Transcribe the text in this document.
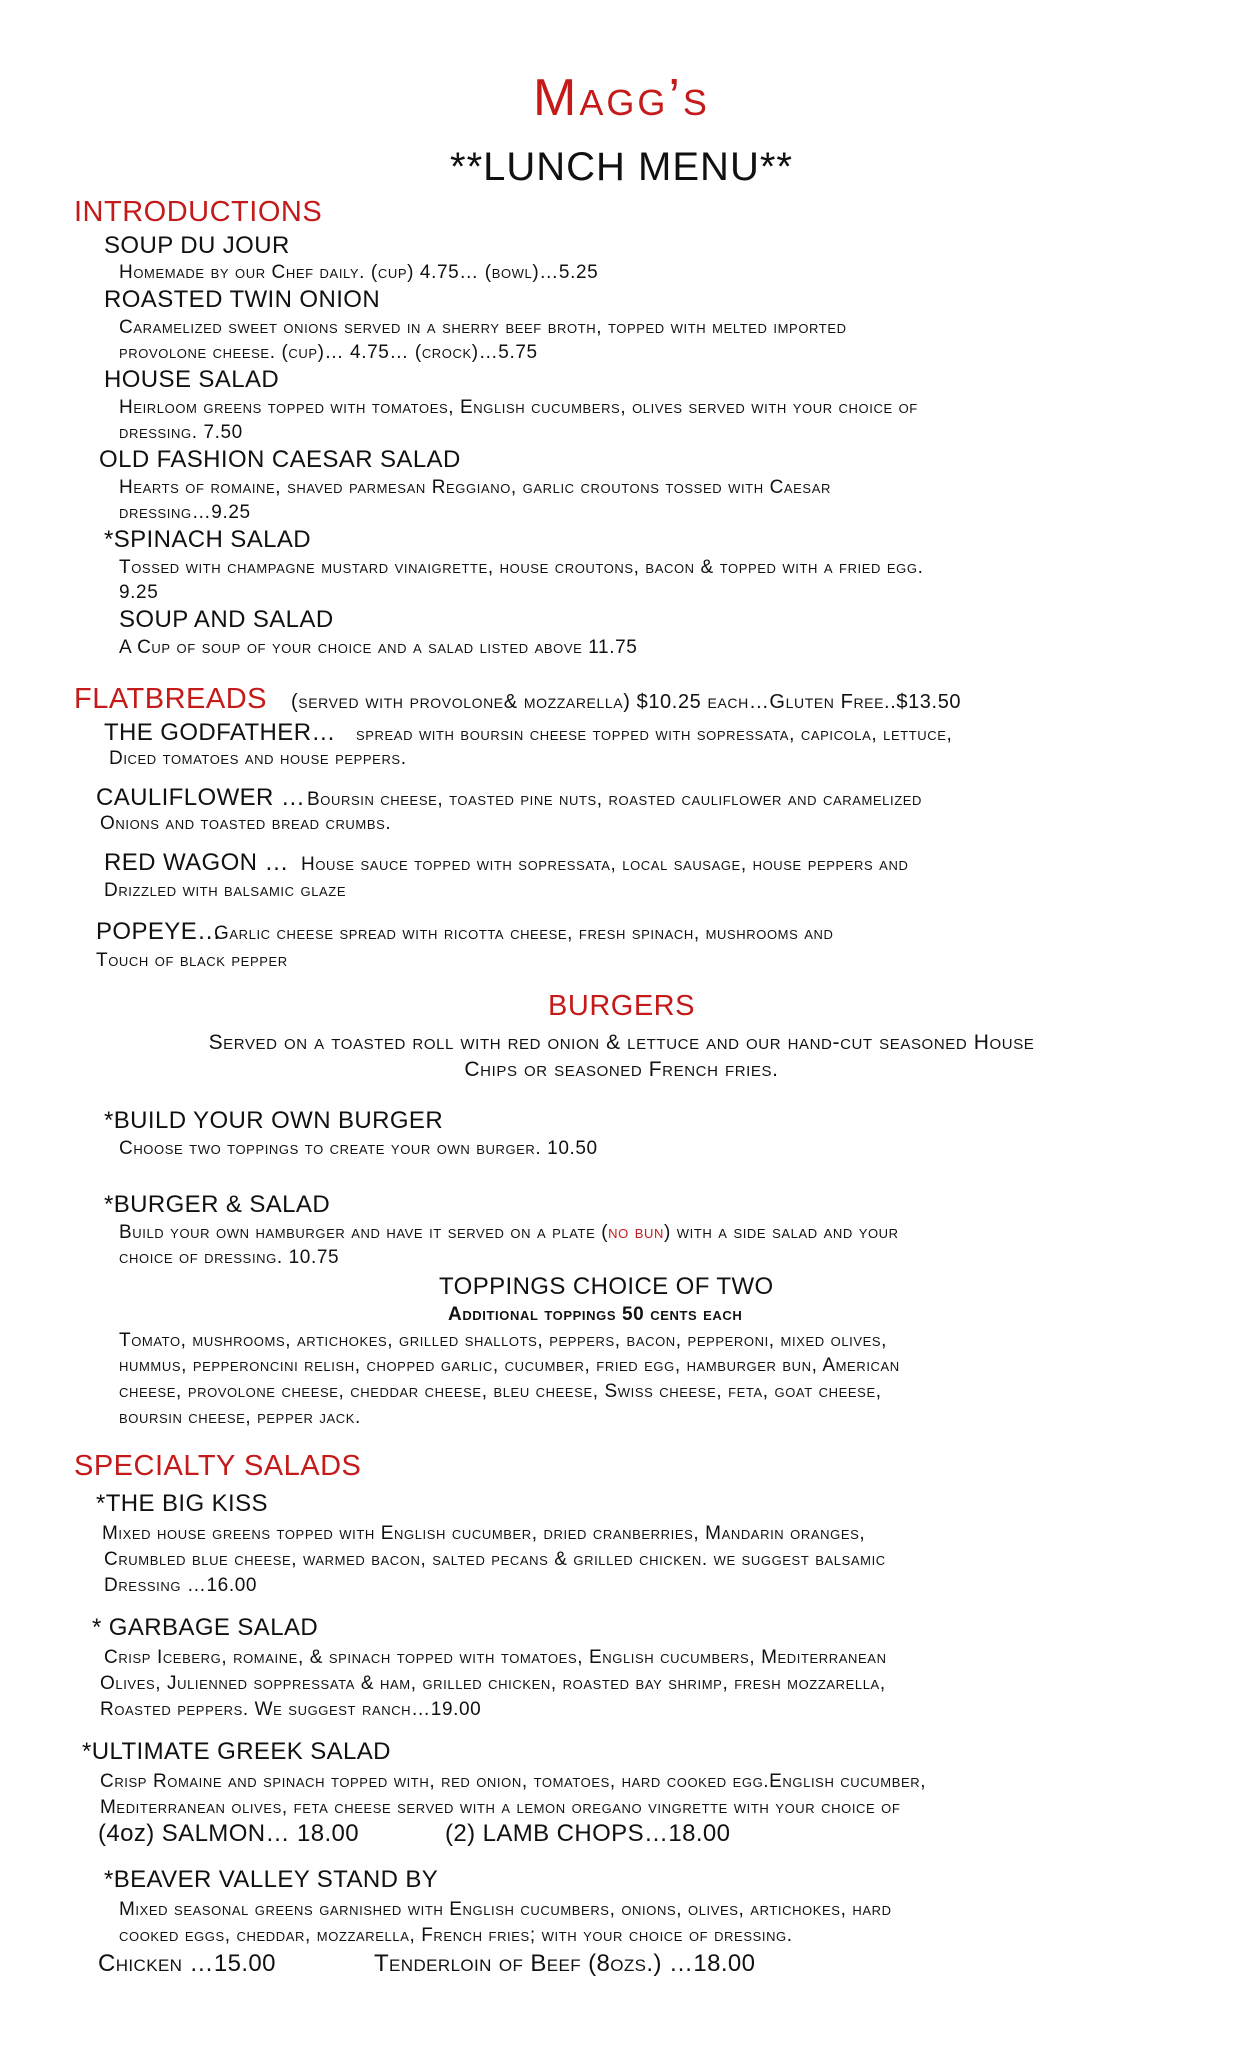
Magg’s
**LUNCH MENU**
INTRODUCTIONS
SOUP DU JOUR
Homemade by our Chef daily. (cup) 4.75… (bowl)…5.25
ROASTED TWIN ONION
Caramelized sweet onions served in a sherry beef broth, topped with melted imported
provolone cheese. (cup)… 4.75… (crock)…5.75
HOUSE SALAD
Heirloom greens topped with tomatoes, English cucumbers, olives served with your choice of
dressing. 7.50
OLD FASHION CAESAR SALAD
Hearts of romaine, shaved parmesan Reggiano, garlic croutons tossed with Caesar
dressing…9.25
*SPINACH SALAD
Tossed with champagne mustard vinaigrette, house croutons, bacon & topped with a fried egg.
9.25
SOUP AND SALAD
A Cup of soup of your choice and a salad listed above 11.75
FLATBREADS (served with provolone& mozzarella) $10.25 each…Gluten Free..$13.50
THE GODFATHER… spread with boursin cheese topped with sopressata, capicola, lettuce,
Diced tomatoes and house peppers.
CAULIFLOWER … Boursin cheese, toasted pine nuts, roasted cauliflower and caramelized
Onions and toasted bread crumbs.
RED WAGON … House sauce topped with sopressata, local sausage, house peppers and
Drizzled with balsamic glaze
POPEYE…
Garlic cheese spread with ricotta cheese, fresh spinach, mushrooms and
Touch of black pepper
BURGERS
Served on a toasted roll with red onion & lettuce and our hand-cut seasoned House
Chips or seasoned French fries.
*BUILD YOUR OWN BURGER
Choose two toppings to create your own burger. 10.50
*BURGER & SALAD
Build your own hamburger and have it served on a plate (no bun) with a side salad and your
choice of dressing. 10.75
TOPPINGS CHOICE OF TWO
Additional toppings 50 cents each
Tomato, mushrooms, artichokes, grilled shallots, peppers, bacon, pepperoni, mixed olives,
hummus, pepperoncini relish, chopped garlic, cucumber, fried egg, hamburger bun, American
cheese, provolone cheese, cheddar cheese, bleu cheese, Swiss cheese, feta, goat cheese,
boursin cheese, pepper jack.
SPECIALTY SALADS
*THE BIG KISS
Mixed house greens topped with English cucumber, dried cranberries, Mandarin oranges,
Crumbled blue cheese, warmed bacon, salted pecans & grilled chicken. we suggest balsamic
Dressing …16.00
* GARBAGE SALAD
Crisp Iceberg, romaine, & spinach topped with tomatoes, English cucumbers, Mediterranean
Olives, Julienned soppressata & ham, grilled chicken, roasted bay shrimp, fresh mozzarella,
Roasted peppers. We suggest ranch…19.00
*ULTIMATE GREEK SALAD
Crisp Romaine and spinach topped with, red onion, tomatoes, hard cooked egg.English cucumber,
Mediterranean olives, feta cheese served with a lemon oregano vingrette with your choice of
(4oz) SALMON… 18.00	(2) LAMB CHOPS…18.00
*BEAVER VALLEY STAND BY
Mixed seasonal greens garnished with English cucumbers, onions, olives, artichokes, hard
cooked eggs, cheddar, mozzarella, French fries; with your choice of dressing.
Chicken …15.00	Tenderloin of Beef (8ozs.) …18.00
